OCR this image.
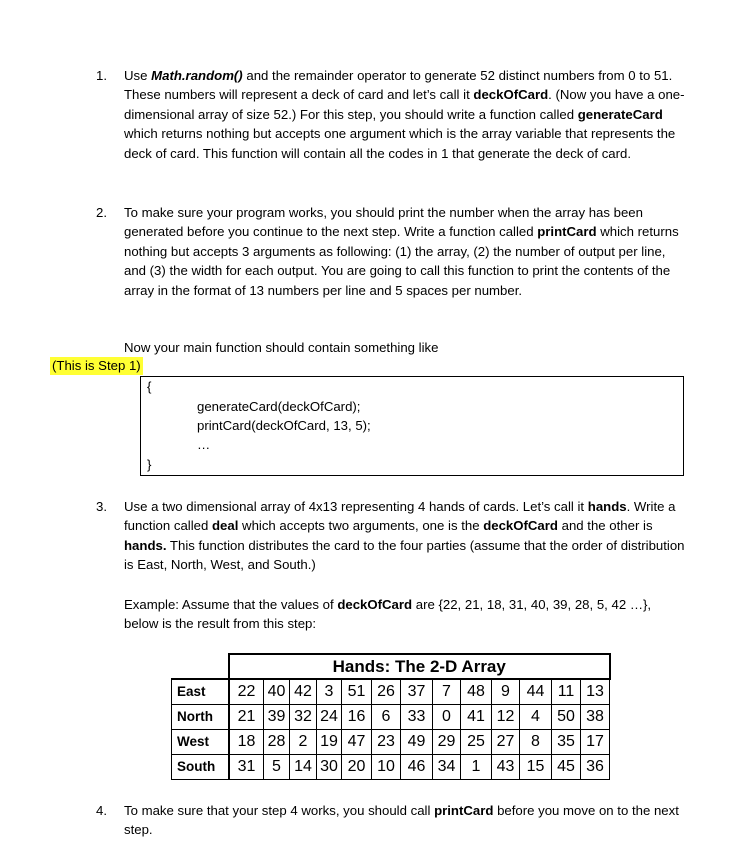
1. Use Math.random() and the remainder operator to generate 52 distinct numbers from 0 to 51. These numbers will represent a deck of card and let’s call it deckOfCard. (Now you have a one-dimensional array of size 52.) For this step, you should write a function called generateCard which returns nothing but accepts one argument which is the array variable that represents the deck of card. This function will contain all the codes in 1 that generate the deck of card.
2. To make sure your program works, you should print the number when the array has been generated before you continue to the next step. Write a function called printCard which returns nothing but accepts 3 arguments as following: (1) the array, (2) the number of output per line, and (3) the width for each output. You are going to call this function to print the contents of the array in the format of 13 numbers per line and 5 spaces per number.
Now your main function should contain something like
(This is Step 1)
{
generateCard(deckOfCard);
printCard(deckOfCard, 13, 5);
…
}
3. Use a two dimensional array of 4x13 representing 4 hands of cards. Let’s call it hands. Write a function called deal which accepts two arguments, one is the deckOfCard and the other is hands. This function distributes the card to the four parties (assume that the order of distribution is East, North, West, and South.)
Example: Assume that the values of deckOfCard are {22, 21, 18, 31, 40, 39, 28, 5, 42 …}, below is the result from this step:
	Hands: The 2-D Array												
East	22	40	42	3	51	26	37	7	48	9	44	11	13
North	21	39	32	24	16	6	33	0	41	12	4	50	38
West	18	28	2	19	47	23	49	29	25	27	8	35	17
South	31	5	14	30	20	10	46	34	1	43	15	45	36
4. To make sure that your step 4 works, you should call printCard before you move on to the next step.
